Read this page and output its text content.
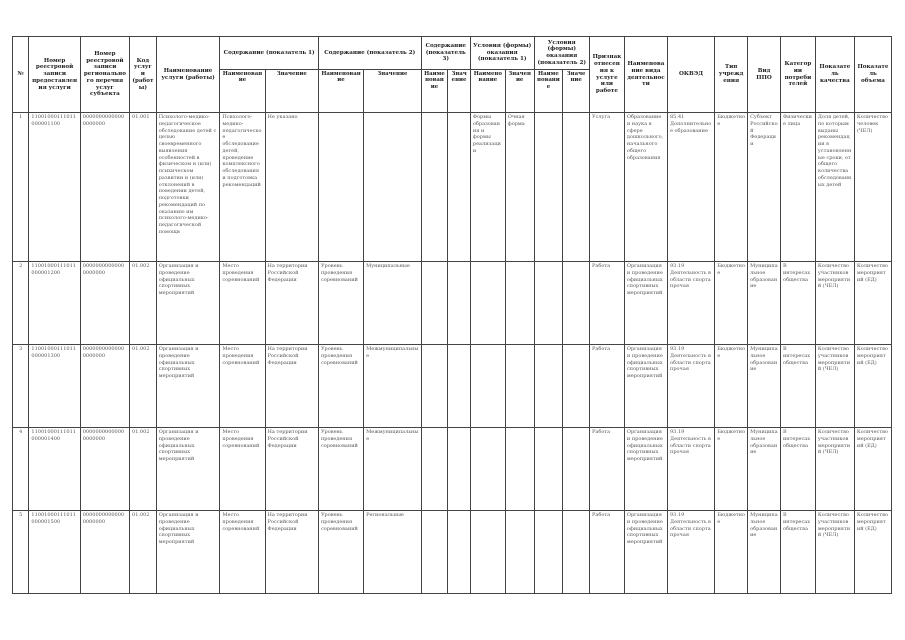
№	Номер реестровой записи предоставления услуги	Номер реестровой записи регионального перечня услуг субъекта	Код услуги (работы)	Наименование услуги (работы)	Содержание (показатель 1)		Содержание (показатель 2)		Содержание (показатель 3)		Условия (формы) оказания (показатель 1)		Условия (формы) оказания (показатель 2)		Признак отнесения к услуге или работе	Наименование вида деятельности	ОКВЭД	Тип учреждения	Вид ППО	Категории потребителей	Показатель качества	Показатель объема
					Наименование	Значение	Наименование	Значение	Наименование	Значение	Наименование	Значение	Наименование	Значение								
1	11001000111011000001100	00000000000000000000	01.001	Психолого-медико-педагогическое обследование детей с целью своевременного выявления особенностей в физическом и (или) психическом развитии и (или) отклонений в поведении детей, подготовки рекомендаций по оказанию им психолого-медико-педагогической помощи	Психолого-медико-педагогическое обследование детей, проведение комплексного обследования и подготовка рекомендаций	Не указано					Формы образования и формы реализации	Очная форма			Услуга	Образование и наука в сфере дошкольного, начального общего образования	85.41 Дополнительное образование	Бюджетное	Субъект Российской Федерации	Физические лица	Доля детей, по которым выданы рекомендации в установленные сроки, от общего количества обследованных детей	Количество человек (ЧЕЛ)
2	11001000111011000001200	00000000000000000000	01.002	Организация и проведение официальных спортивных мероприятий	Место проведения соревнований	На территории Российской Федерации	Уровень проведения соревнований	Муниципальные							Работа	Организация и проведение официальных спортивных мероприятий	93.19 Деятельность в области спорта прочая	Бюджетное	Муниципальное образование	В интересах общества	Количество участников мероприятий (ЧЕЛ)	Количество мероприятий (ЕД)
3	11001000111011000001300	00000000000000000000	01.002	Организация и проведение официальных спортивных мероприятий	Место проведения соревнований	На территории Российской Федерации	Уровень проведения соревнований	Межмуниципальные							Работа	Организация и проведение официальных спортивных мероприятий	93.19 Деятельность в области спорта прочая	Бюджетное	Муниципальное образование	В интересах общества	Количество участников мероприятий (ЧЕЛ)	Количество мероприятий (ЕД)
4	11001000111011000001400	00000000000000000000	01.002	Организация и проведение официальных спортивных мероприятий	Место проведения соревнований	На территории Российской Федерации	Уровень проведения соревнований	Межмуниципальные							Работа	Организация и проведение официальных спортивных мероприятий	93.19 Деятельность в области спорта прочая	Бюджетное	Муниципальное образование	В интересах общества	Количество участников мероприятий (ЧЕЛ)	Количество мероприятий (ЕД)
5	11001000111011000001500	00000000000000000000	01.002	Организация и проведение официальных спортивных мероприятий	Место проведения соревнований	На территории Российской Федерации	Уровень проведения соревнований	Региональные							Работа	Организация и проведение официальных спортивных мероприятий	93.19 Деятельность в области спорта прочая	Бюджетное	Муниципальное образование	В интересах общества	Количество участников мероприятий (ЧЕЛ)	Количество мероприятий (ЕД)
